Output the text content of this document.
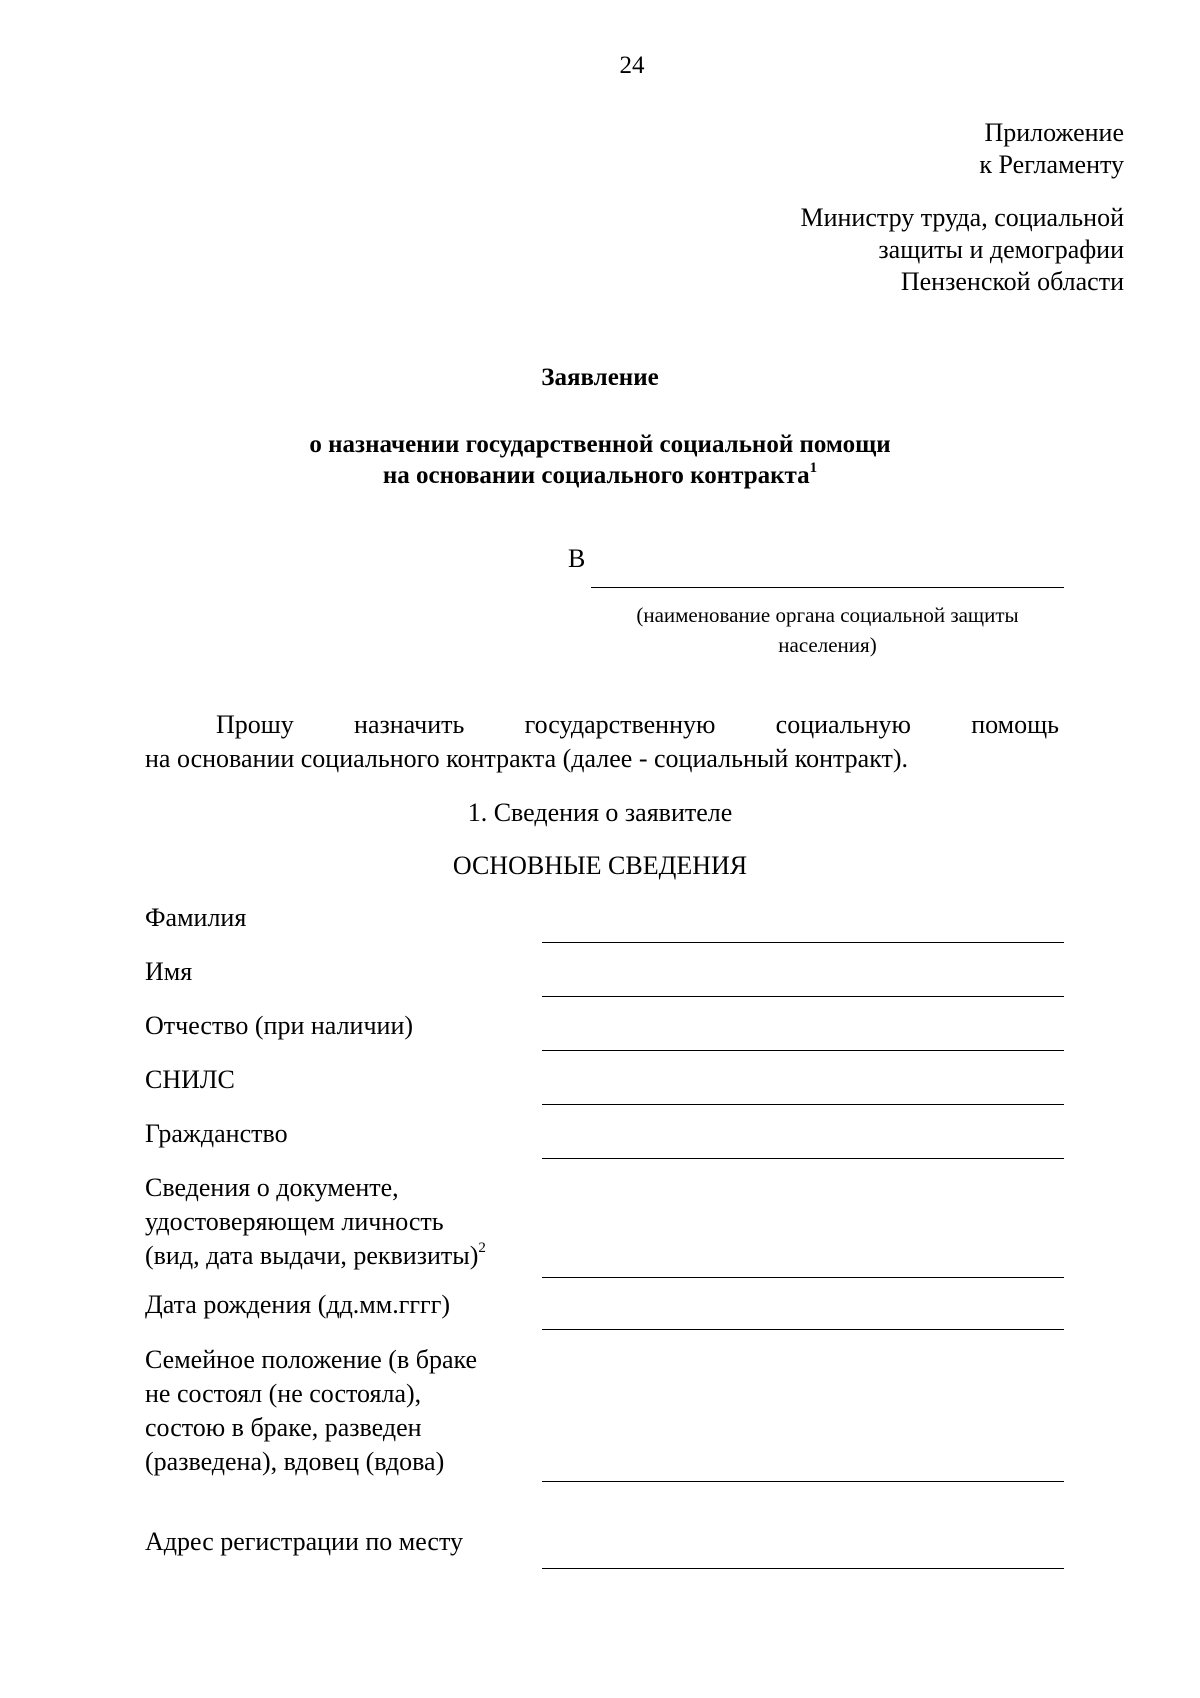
24
Приложение
к Регламенту
Министру труда, социальной
защиты и демографии
Пензенской области
Заявление
о назначении государственной социальной помощи
на основании социального контракта$^1$
В
(наименование органа социальной защиты
населения)
Прошу назначить государственную социальную помощь
на основании социального контракта (далее - социальный контракт).
1. Сведения о заявителе
ОСНОВНЫЕ СВЕДЕНИЯ
Фамилия
Имя
Отчество (при наличии)
СНИЛС
Гражданство
Сведения о документе,
удостоверяющем личность
(вид, дата выдачи, реквизиты)$^2$
Дата рождения (дд.мм.гггг)
Семейное положение (в браке
не состоял (не состояла),
состою в браке, разведен
(разведена), вдовец (вдова)
Адрес регистрации по месту
